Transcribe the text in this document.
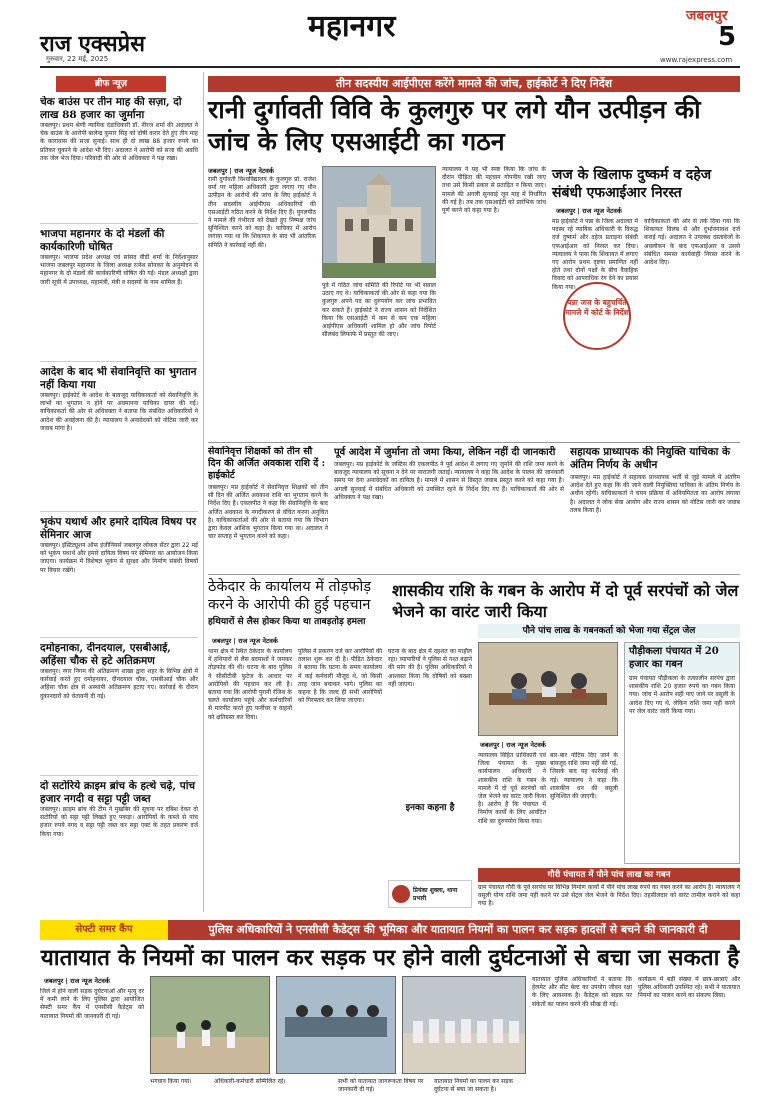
राज एक्सप्रेस
गुरुवार, 22 मई, 2025
महानगर	जबलपुर
5
www.rajexpress.com
ब्रीफ न्यूज़
चेक बाउंस पर तीन माह की सज़ा, दो लाख 88 हजार का जुर्माना
जबलपुर। प्रथम श्रेणी न्यायिक दंडाधिकारी डॉ. नीरज शर्मा की अदालत ने चेक बाउंस के आरोपी बालेन्द्र कुमार सिंह को दोषी करार देते हुए तीन माह के कारावास की सजा सुनाई। साथ ही दो लाख 88 हजार रुपये का प्रतिकर चुकाने के आदेश भी दिए। अदालत ने आरोपी को सजा की अवधि तक जेल भेज दिया। परिवादी की ओर से अधिवक्ता ने पक्ष रखा।
भाजपा महानगर के दो मंडलों की कार्यकारिणी घोषित
जबलपुर। भाजपा प्रदेश अध्यक्ष एवं सांसद वीडी शर्मा के निर्देशानुसार भाजपा जबलपुर महानगर के जिला अध्यक्ष रत्नेश सोनकर के अनुमोदन से महानगर के दो मंडलों की कार्यकारिणी घोषित की गई। मंडल अध्यक्षों द्वारा जारी सूची में उपाध्यक्ष, महामंत्री, मंत्री व सदस्यों के नाम शामिल हैं।
आदेश के बाद भी सेवानिवृत्ति का भुगतान नहीं किया गया
जबलपुर। हाईकोर्ट के आदेश के बावजूद याचिकाकर्ता को सेवानिवृत्ति के लाभों का भुगतान न होने पर अवमानना याचिका दायर की गई। याचिकाकर्ता की ओर से अधिवक्ता ने बताया कि संबंधित अधिकारियों ने आदेश की अवहेलना की है। न्यायालय ने अनावेदकों को नोटिस जारी कर जवाब मांगा है।
भृकंप यथार्थ और हमारे दायित्व विषय पर सेमिनार आज
जबलपुर। इंस्टिट्यूशन ऑफ इंजीनियर्स जबलपुर लोकल सेंटर द्वारा 22 मई को भूकंप यथार्थ और हमारे दायित्व विषय पर सेमिनार का आयोजन किया जाएगा। कार्यक्रम में विशेषज्ञ भूकंप से सुरक्षा और निर्माण संबंधी विषयों पर विचार रखेंगे।
दमोहनाका, दीनदयाल, एसबीआई, अहिंसा चौक से हटे अतिक्रमण
जबलपुर। नगर निगम की अतिक्रमण शाखा द्वारा शहर के विभिन्न क्षेत्रों में कार्रवाई करते हुए दमोहनाका, दीनदयाल चौक, एसबीआई चौक और अहिंसा चौक क्षेत्र से अस्थायी अतिक्रमण हटाए गए। कार्रवाई के दौरान दुकानदारों को चेतावनी दी गई।
दो सटोरिये क्राइम ब्रांच के हत्थे चढ़े, पांच हजार नगदी व सट्टा पट्टी जब्त
जबलपुर। क्राइम ब्रांच की टीम ने मुखबिर की सूचना पर दबिश देकर दो सटोरियों को सट्टा पट्टी लिखते हुए पकड़ा। आरोपियों के कब्जे से पांच हजार रुपये नगद व सट्टा पट्टी जब्त कर सट्टा एक्ट के तहत प्रकरण दर्ज किया गया।
तीन सदस्यीय आईपीएस करेंगे मामले की जांच, हाईकोर्ट ने दिए निर्देश
रानी दुर्गावती विवि के कुलगुरु पर लगे यौन उत्पीड़न की जांच के लिए एसआईटी का गठन
जबलपुर | राज न्यूज नेटवर्क
रानी दुर्गावती विश्वविद्यालय के कुलगुरु प्रो. राजेश वर्मा पर महिला अधिकारी द्वारा लगाए गए यौन उत्पीड़न के आरोपों की जांच के लिए हाईकोर्ट ने तीन सदस्यीय आईपीएस अधिकारियों की एसआईटी गठित करने के निर्देश दिए हैं। युगलपीठ ने मामले की गंभीरता को देखते हुए निष्पक्ष जांच सुनिश्चित करने को कहा है। याचिका में आरोप लगाया गया था कि शिकायत के बाद भी आंतरिक समिति ने कार्रवाई नहीं की।
पूर्व में गठित जांच समिति की रिपोर्ट पर भी सवाल उठाए गए थे। याचिकाकर्ता की ओर से कहा गया कि कुलगुरु अपने पद का दुरुपयोग कर जांच प्रभावित कर सकते हैं। हाईकोर्ट ने राज्य शासन को निर्देशित किया कि एसआईटी में कम से कम एक महिला आईपीएस अधिकारी शामिल हो और जांच रिपोर्ट सीलबंद लिफाफे में प्रस्तुत की जाए।
न्यायालय ने यह भी स्पष्ट किया कि जांच के दौरान पीड़िता की पहचान गोपनीय रखी जाए तथा उसे किसी प्रकार से प्रताड़ित न किया जाए। मामले की अगली सुनवाई जून माह में निर्धारित की गई है। तब तक एसआईटी को प्रारंभिक जांच पूर्ण करने को कहा गया है।
जज के खिलाफ दुष्कर्म व दहेज संबंधी एफआईआर निरस्त
जबलपुर | राज न्यूज नेटवर्क
मप्र हाईकोर्ट ने पन्ना के जिला अदालत में पदस्थ रहे न्यायिक अधिकारी के विरुद्ध दर्ज दुष्कर्म और दहेज प्रताड़ना संबंधी एफआईआर को निरस्त कर दिया। न्यायालय ने पाया कि शिकायत में लगाए गए आरोप प्रथम दृष्टया प्रमाणित नहीं होते तथा दोनों पक्षों के बीच वैवाहिक विवाद को आपराधिक रंग देने का प्रयास किया गया।
याचिकाकर्ता की ओर से तर्क दिया गया कि शिकायत विलंब से और दुर्भावनावश दर्ज कराई गई। अदालत ने उपलब्ध दस्तावेजों के अवलोकन के बाद एफआईआर व उससे संबंधित समस्त कार्यवाही निरस्त करने के आदेश दिए।
पन्ना जज के बहुचर्चित मामले में कोर्ट के निर्देश
सेवानिवृत्त शिक्षकों को तीन सौ दिन की अर्जित अवकाश राशि दें : हाईकोर्ट
जबलपुर। मप्र हाईकोर्ट ने सेवानिवृत्त शिक्षकों को तीन सौ दिन की अर्जित अवकाश राशि का भुगतान करने के निर्देश दिए हैं। एकलपीठ ने कहा कि सेवानिवृत्ति के बाद अर्जित अवकाश के नगदीकरण से वंचित करना अनुचित है। याचिकाकर्ताओं की ओर से बताया गया कि विभाग द्वारा केवल आंशिक भुगतान किया गया था। अदालत ने चार सप्ताह में भुगतान करने को कहा।
पूर्व आदेश में जुर्माना तो जमा किया, लेकिन नहीं दी जानकारी
जबलपुर। मप्र हाईकोर्ट के जस्टिस की एकलपीठ ने पूर्व आदेश में लगाए गए जुर्माने की राशि जमा करने के बावजूद न्यायालय को सूचना न देने पर नाराजगी जताई। न्यायालय ने कहा कि आदेश के पालन की जानकारी समय पर देना अनावेदकों का दायित्व है। मामले में शासन से विस्तृत जवाब प्रस्तुत करने को कहा गया है। अगली सुनवाई में संबंधित अधिकारी को उपस्थित रहने के निर्देश दिए गए हैं। याचिकाकर्ता की ओर से अधिवक्ता ने पक्ष रखा।
सहायक प्राध्यापक की नियुक्ति याचिका के अंतिम निर्णय के अधीन
जबलपुर। मप्र हाईकोर्ट ने सहायक प्राध्यापक भर्ती से जुड़े मामले में अंतरिम आदेश देते हुए कहा कि की जाने वाली नियुक्तियां याचिका के अंतिम निर्णय के अधीन रहेंगी। याचिकाकर्ता ने चयन प्रक्रिया में अनियमितता का आरोप लगाया है। अदालत ने लोक सेवा आयोग और राज्य शासन को नोटिस जारी कर जवाब तलब किया है।
ठेकेदार के कार्यालय में तोड़फोड़ करने के आरोपी की हुई पहचान
हथियारों से लैस होकर किया था ताबड़तोड़ हमला
जबलपुर | राज न्यूज नेटवर्क
थाना क्षेत्र में स्थित ठेकेदार के कार्यालय में हथियारों से लैस बदमाशों ने जमकर तोड़फोड़ की थी। घटना के बाद पुलिस ने सीसीटीवी फुटेज के आधार पर आरोपियों की पहचान कर ली है। बताया गया कि आरोपी पुरानी रंजिश के चलते कार्यालय पहुंचे और कर्मचारियों से मारपीट करते हुए फर्नीचर व वाहनों को क्षतिग्रस्त कर दिया।
पुलिस ने प्रकरण दर्ज कर आरोपियों की तलाश शुरू कर दी है। पीड़ित ठेकेदार ने बताया कि घटना के समय कार्यालय में कई कर्मचारी मौजूद थे, जो किसी तरह जान बचाकर भागे। पुलिस का कहना है कि जल्द ही सभी आरोपियों को गिरफ्तार कर लिया जाएगा।
घटना के बाद क्षेत्र में दहशत का माहौल रहा। व्यापारियों ने पुलिस से गश्त बढ़ाने की मांग की है। पुलिस अधिकारियों ने आश्वस्त किया कि दोषियों को बख्शा नहीं जाएगा।
इनका कहना है
प्रियंका शुक्ला, थाना प्रभारी
शासकीय राशि के गबन के आरोप में दो पूर्व सरपंचों को जेल भेजने का वारंट जारी किया
पौने पांच लाख के गबनकर्ता को भेजा गया सेंट्रल जेल
जबलपुर | राज न्यूज नेटवर्क
न्यायालय विहित प्राधिकारी एवं जिला पंचायत के मुख्य कार्यपालन अधिकारी ने शासकीय राशि के गबन के मामले में दो पूर्व सरपंचों को जेल भेजने का वारंट जारी किया है। आरोप है कि पंचायत में निर्माण कार्यों के लिए आवंटित राशि का दुरुपयोग किया गया।
बार-बार नोटिस दिए जाने के बावजूद राशि जमा नहीं की गई, जिसके बाद यह कार्रवाई की गई। न्यायालय ने कहा कि शासकीय धन की वसूली सुनिश्चित की जाएगी।
पौड़ीकला पंचायत में 20 हजार का गबन
ग्राम पंचायत पौड़ीकला के तत्कालीन सरपंच द्वारा शासकीय राशि 20 हजार रुपये का गबन किया गया। जांच में आरोप सही पाए जाने पर वसूली के आदेश दिए गए थे, लेकिन राशि जमा नहीं करने पर जेल वारंट जारी किया गया।
गौरी पंचायत में पौने पांच लाख का गबन
ग्राम पंचायत गौरी के पूर्व सरपंच पर विभिन्न निर्माण कार्यों में पौने पांच लाख रुपये का गबन करने का आरोप है। न्यायालय ने वसूली योग्य राशि जमा नहीं करने पर उसे सेंट्रल जेल भेजने के निर्देश दिए। तहसीलदार को वारंट तामील कराने को कहा गया है।
सेफ्टी समर कैंप	पुलिस अधिकारियों ने एनसीसी कैडेट्स की भूमिका और यातायात नियमों का पालन कर सड़क हादसों से बचने की जानकारी दी
यातायात के नियमों का पालन कर सड़क पर होने वाली दुर्घटनाओं से बचा जा सकता है
जबलपुर | राज न्यूज नेटवर्क
जिले में होने वाली सड़क दुर्घटनाओं और मृत्यु दर में कमी लाने के लिए पुलिस द्वारा आयोजित सेफ्टी समर कैंप में एनसीसी कैडेट्स को यातायात नियमों की जानकारी दी गई।
यातायात पुलिस अधिकारियों ने बताया कि हेलमेट और सीट बेल्ट का उपयोग जीवन रक्षा के लिए आवश्यक है। कैडेट्स को सड़क पर संकेतों का पालन करने की सीख दी गई।
कार्यक्रम में बड़ी संख्या में छात्र-छात्राएं और पुलिस अधिकारी उपस्थित रहे। सभी ने यातायात नियमों का पालन करने का संकल्प लिया।
भगवान किया गया।	अधिकारी-कर्मचारी सम्मिलित रहे।	सभी को यातायात जागरूकता विषय पर जानकारी दी गई।
यातायात नियमों का पालन कर सड़क दुर्घटना से बचा जा सकता है।
